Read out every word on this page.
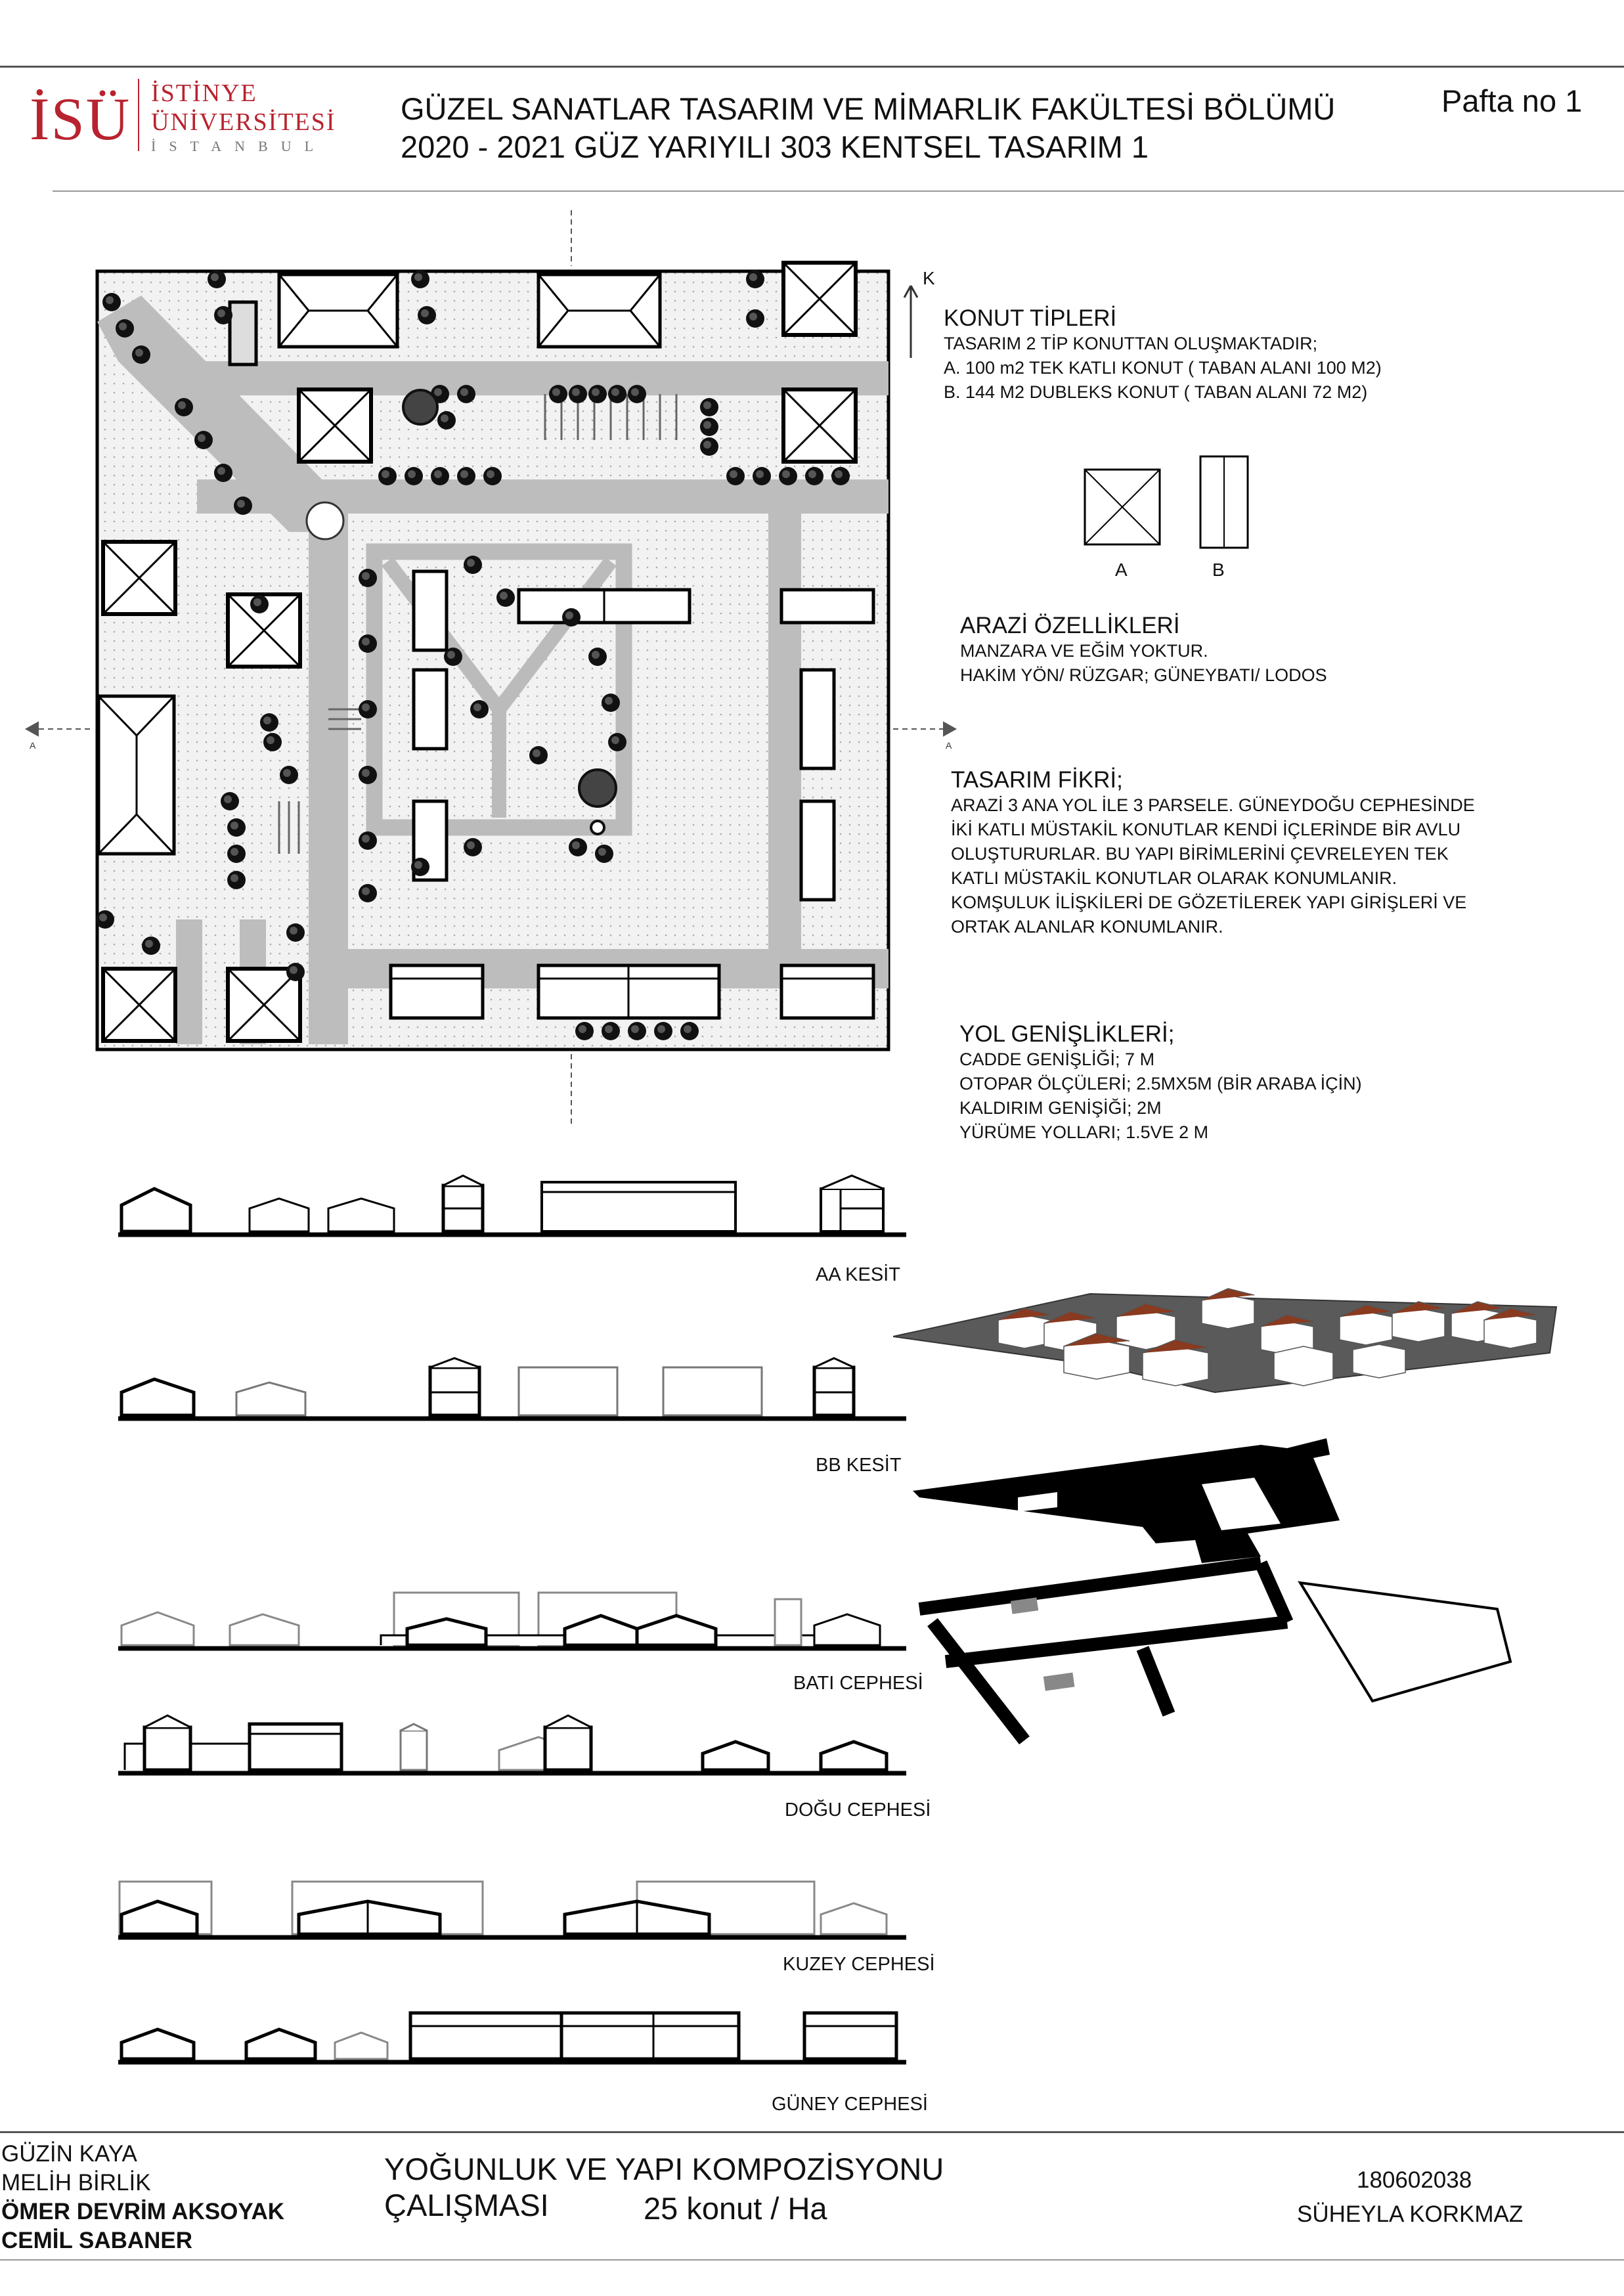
İSÜ İSTİNYE
ÜNİVERSİTESİ
İSTANBUL
GÜZEL SANATLAR TASARIM VE MİMARLIK FAKÜLTESİ BÖLÜMÜ
2020 - 2021 GÜZ YARIYILI 303 KENTSEL TASARIM 1
Pafta no 1
A	A
K
KONUT TİPLERİ
TASARIM 2 TİP KONUTTAN OLUŞMAKTADIR;
A. 100 m2 TEK KATLI KONUT ( TABAN ALANI 100 M2)
B. 144 M2 DUBLEKS KONUT ( TABAN ALANI 72 M2)
A	B
ARAZİ ÖZELLİKLERİ
MANZARA VE EĞİM YOKTUR.
HAKİM YÖN/ RÜZGAR; GÜNEYBATI/ LODOS
TASARIM FİKRİ;
ARAZİ 3 ANA YOL İLE 3 PARSELE. GÜNEYDOĞU CEPHESİNDE
İKİ KATLI MÜSTAKİL KONUTLAR KENDİ İÇLERİNDE BİR AVLU
OLUŞTURURLAR. BU YAPI BİRİMLERİNİ ÇEVRELEYEN TEK
KATLI MÜSTAKİL KONUTLAR OLARAK KONUMLANIR.
KOMŞULUK İLİŞKİLERİ DE GÖZETİLEREK YAPI GİRİŞLERİ VE
ORTAK ALANLAR KONUMLANIR.
YOL GENİŞLİKLERİ;
CADDE GENİŞLİĞİ; 7 M
OTOPAR ÖLÇÜLERİ; 2.5MX5M (BİR ARABA İÇİN)
KALDIRIM GENİŞİĞİ; 2M
YÜRÜME YOLLARI; 1.5VE 2 M
AA KESİT
BB KESİT
BATI CEPHESİ
DOĞU CEPHESİ
KUZEY CEPHESİ
GÜNEY CEPHESİ
GÜZİN KAYA
MELİH BİRLİK
ÖMER DEVRİM AKSOYAK
CEMİL SABANER
YOĞUNLUK VE YAPI KOMPOZİSYONU ÇALIŞMASI	25 konut / Ha
180602038
SÜHEYLA KORKMAZ
